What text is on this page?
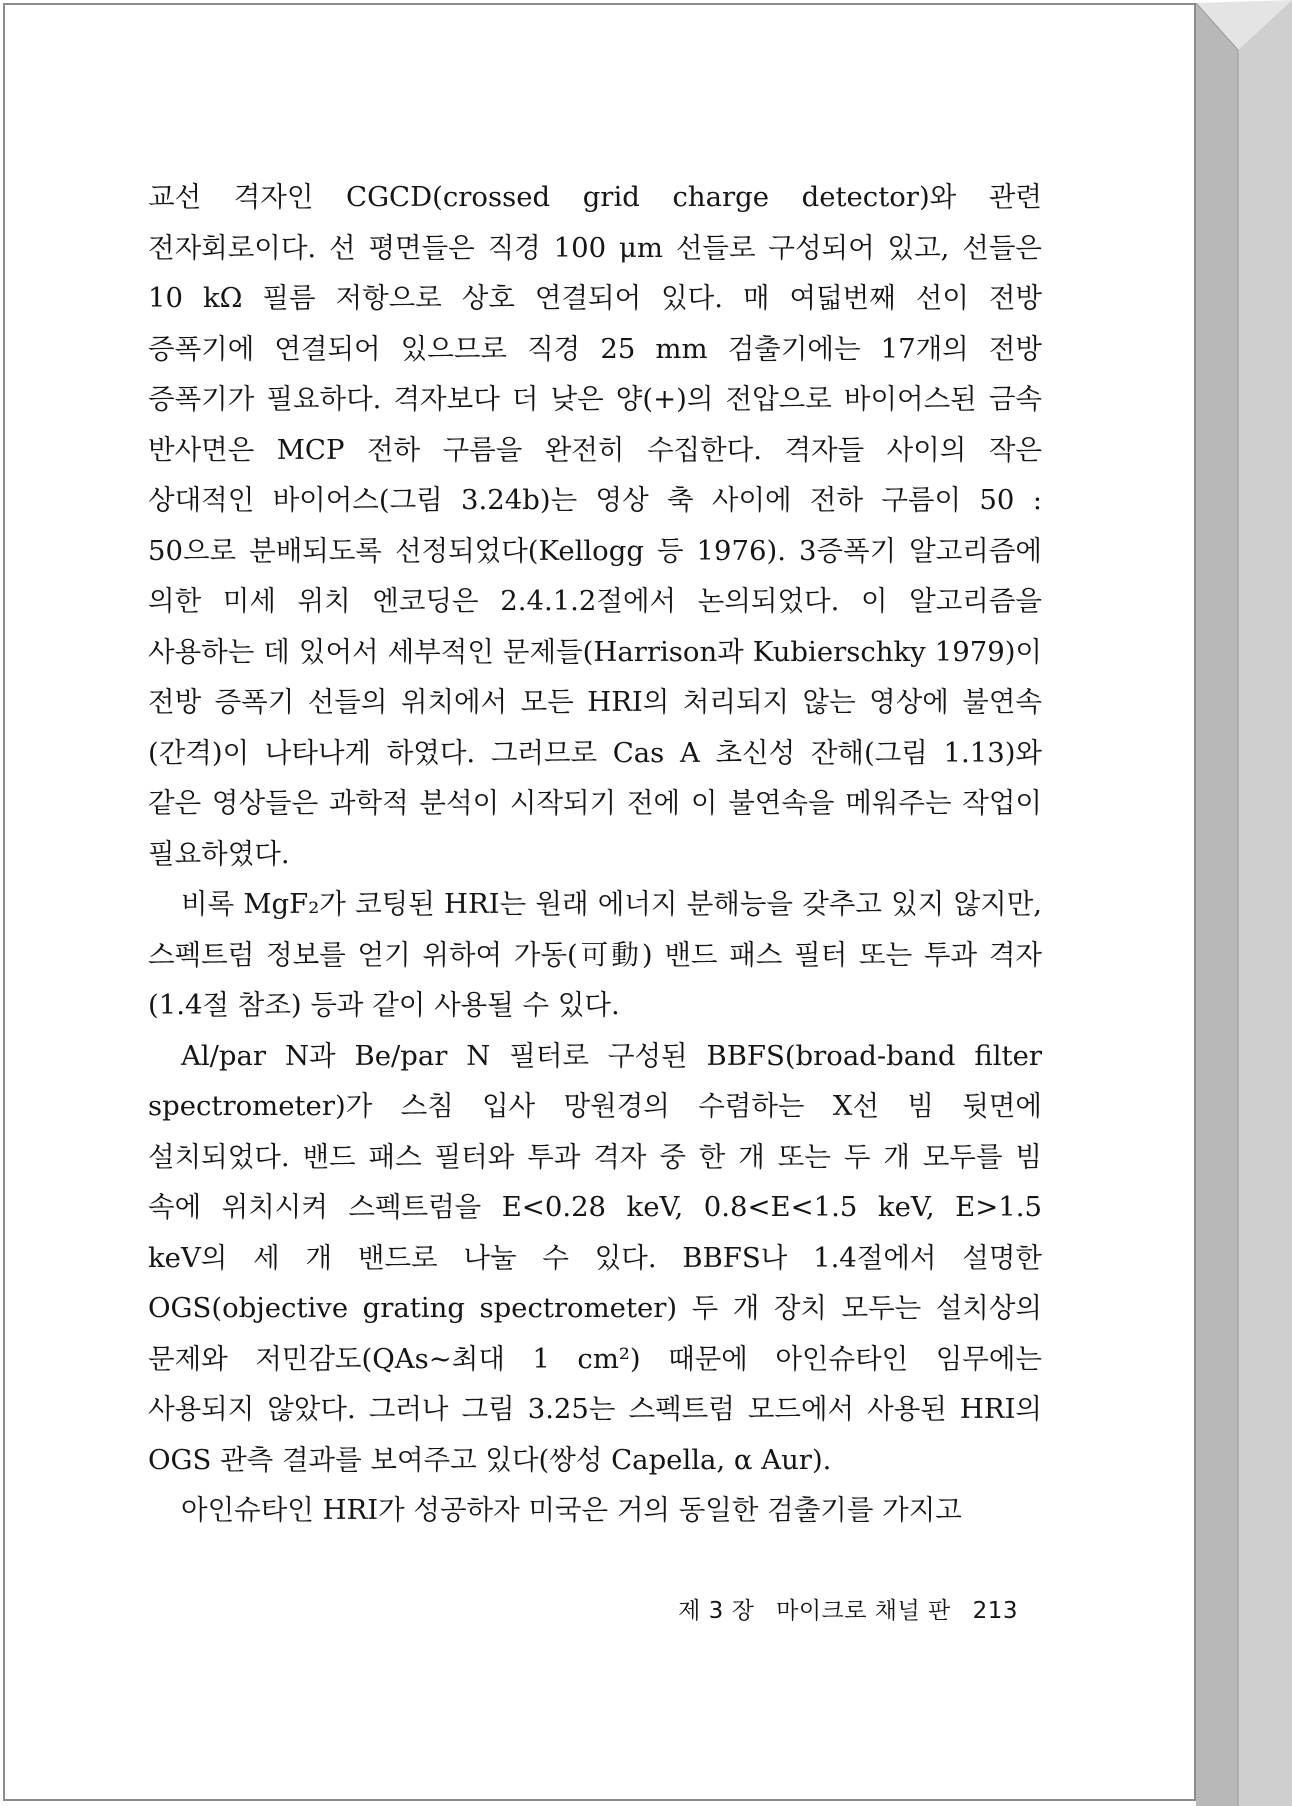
교선 격자인 CGCD(crossed grid charge detector)와 관련 전자회로이다. 선 평면들은 직경 100 μm 선들로 구성되어 있고, 선들은 10 kΩ 필름 저항으로 상호 연결되어 있다. 매 여덟번째 선이 전방 증폭기에 연결되어 있으므로 직경 25 mm 검출기에는 17개의 전방 증폭기가 필요하다. 격자보다 더 낮은 양(+)의 전압으로 바이어스된 금속 반사면은 MCP 전하 구름을 완전히 수집한다. 격자들 사이의 작은 상대적인 바이어스(그림 3.24b)는 영상 축 사이에 전하 구름이 50 : 50으로 분배되도록 선정되었다(Kellogg 등 1976). 3증폭기 알고리즘에 의한 미세 위치 엔코딩은 2.4.1.2절에서 논의되었다. 이 알고리즘을 사용하는 데 있어서 세부적인 문제들(Harrison과 Kubierschky 1979)이 전방 증폭기 선들의 위치에서 모든 HRI의 처리되지 않는 영상에 불연속(간격)이 나타나게 하였다. 그러므로 Cas A 초신성 잔해(그림 1.13)와 같은 영상들은 과학적 분석이 시작되기 전에 이 불연속을 메워주는 작업이 필요하였다.

비록 MgF₂가 코팅된 HRI는 원래 에너지 분해능을 갖추고 있지 않지만, 스펙트럼 정보를 얻기 위하여 가동(可動) 밴드 패스 필터 또는 투과 격자(1.4절 참조) 등과 같이 사용될 수 있다.

Al/par N과 Be/par N 필터로 구성된 BBFS(broad-band filter spectrometer)가 스침 입사 망원경의 수렴하는 X선 빔 뒷면에 설치되었다. 밴드 패스 필터와 투과 격자 중 한 개 또는 두 개 모두를 빔 속에 위치시켜 스펙트럼을 E<0.28 keV, 0.8<E<1.5 keV, E>1.5 keV의 세 개 밴드로 나눌 수 있다. BBFS나 1.4절에서 설명한 OGS(objective grating spectrometer) 두 개 장치 모두는 설치상의 문제와 저민감도(QAs~최대 1 cm²) 때문에 아인슈타인 임무에는 사용되지 않았다. 그러나 그림 3.25는 스펙트럼 모드에서 사용된 HRI의 OGS 관측 결과를 보여주고 있다(쌍성 Capella, α Aur).

아인슈타인 HRI가 성공하자 미국은 거의 동일한 검출기를 가지고

제 3 장 마이크로 채널 판 213
